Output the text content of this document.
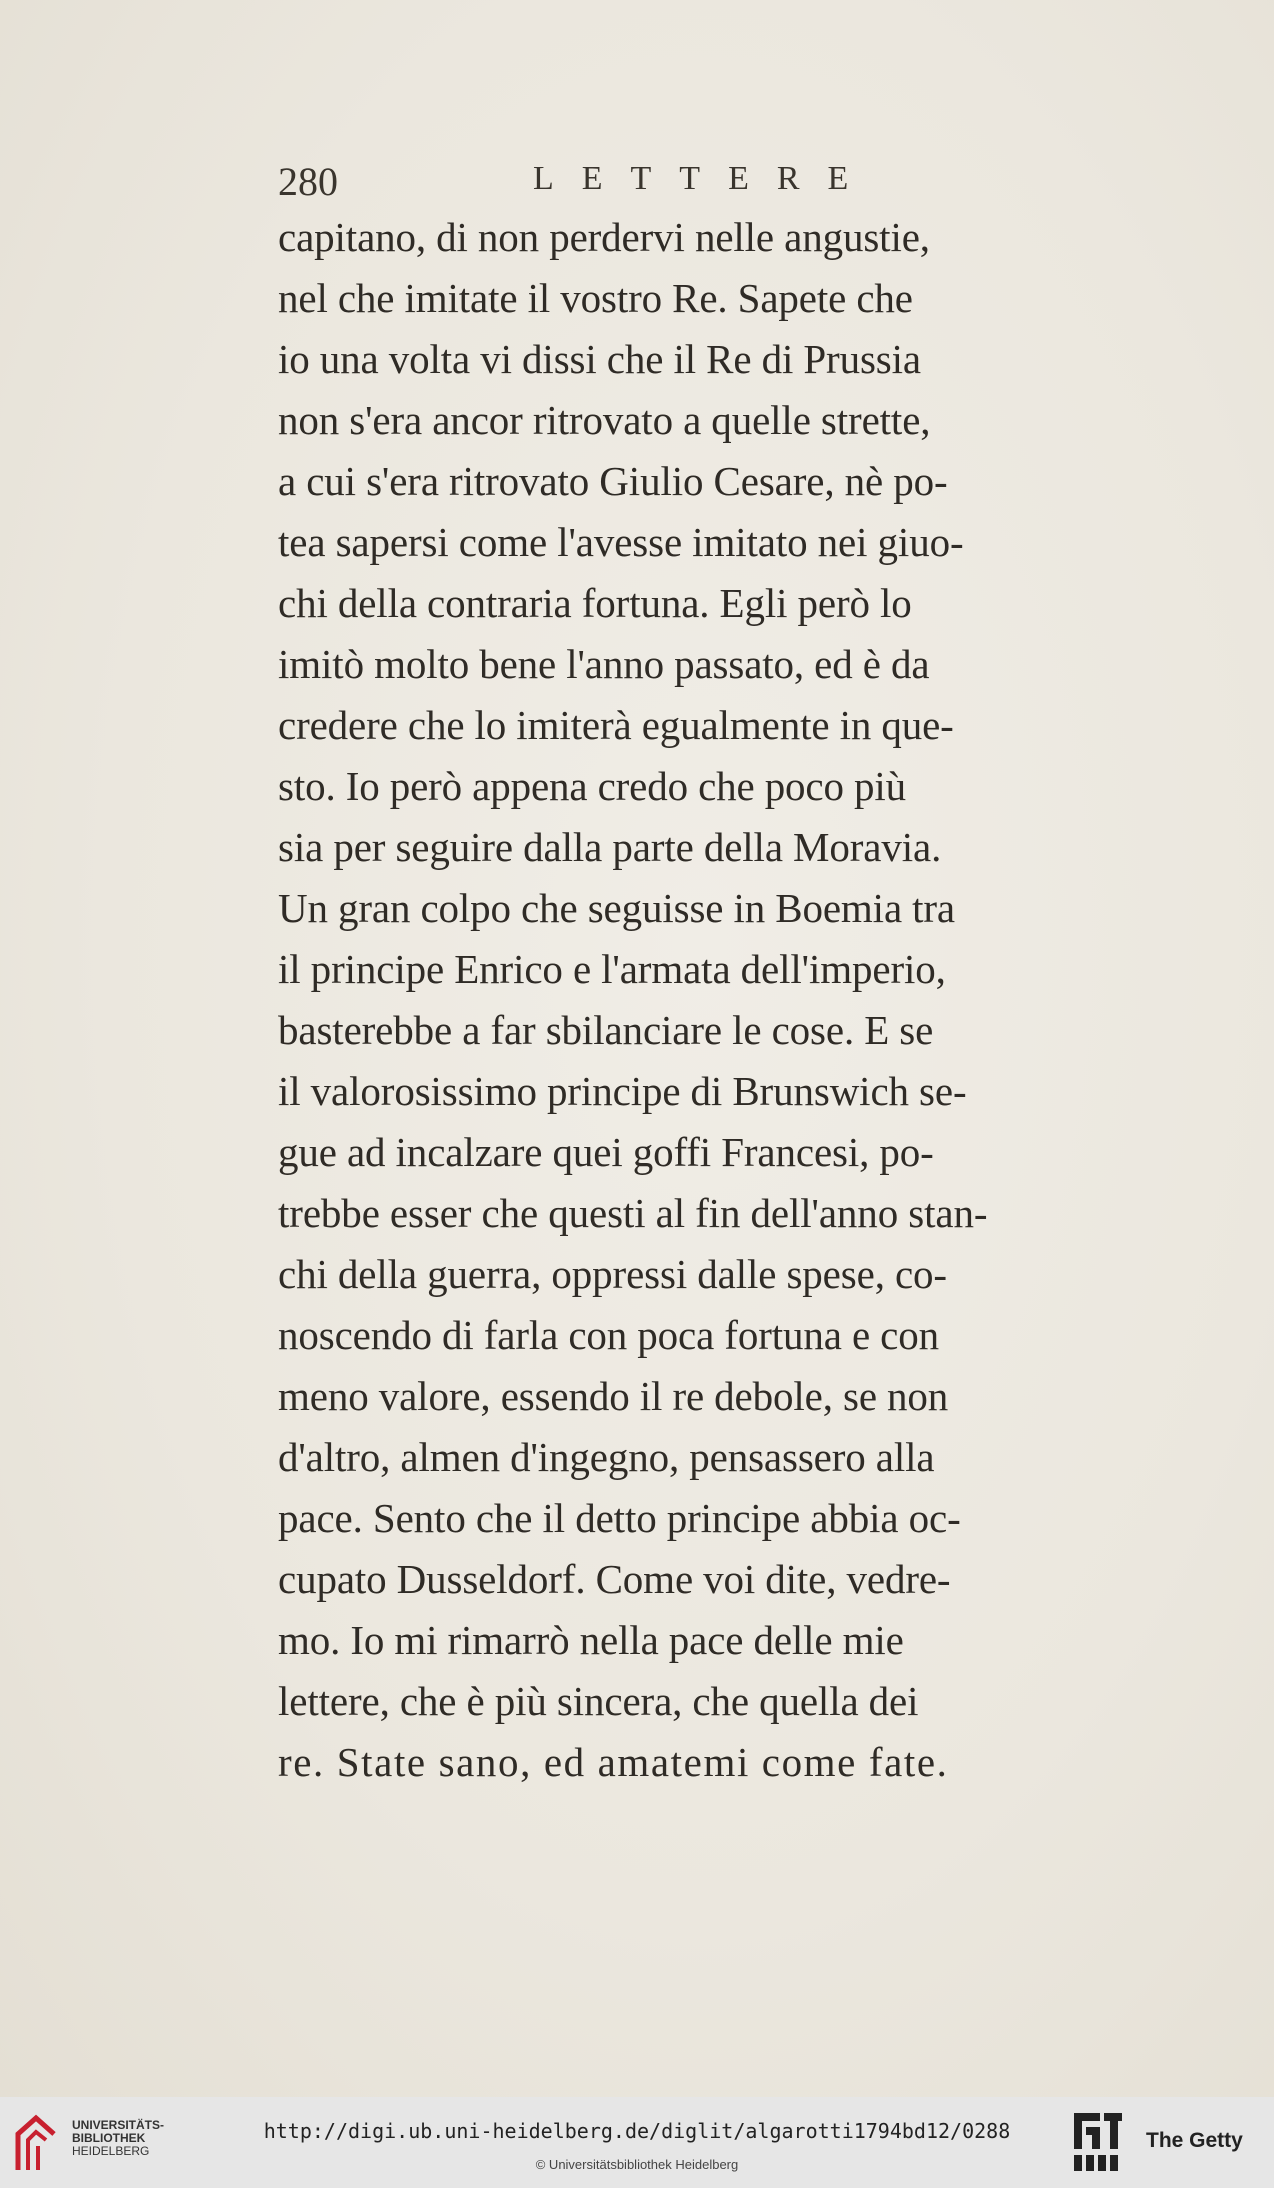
280	LETTERE
capitano, di non perdervi nelle angustie,
nel che imitate il vostro Re. Sapete che
io una volta vi dissi che il Re di Prussia
non s'era ancor ritrovato a quelle strette,
a cui s'era ritrovato Giulio Cesare, nè po-
tea sapersi come l'avesse imitato nei giuo-
chi della contraria fortuna. Egli però lo
imitò molto bene l'anno passato, ed è da
credere che lo imiterà egualmente in que-
sto. Io però appena credo che poco più
sia per seguire dalla parte della Moravia.
Un gran colpo che seguisse in Boemia tra
il principe Enrico e l'armata dell'imperio,
basterebbe a far sbilanciare le cose. E se
il valorosissimo principe di Brunswich se-
gue ad incalzare quei goffi Francesi, po-
trebbe esser che questi al fin dell'anno stan-
chi della guerra, oppressi dalle spese, co-
noscendo di farla con poca fortuna e con
meno valore, essendo il re debole, se non
d'altro, almen d'ingegno, pensassero alla
pace. Sento che il detto principe abbia oc-
cupato Dusseldorf. Come voi dite, vedre-
mo. Io mi rimarrò nella pace delle mie
lettere, che è più sincera, che quella dei
re. State sano, ed amatemi come fate.
UNIVERSITÄTS-
BIBLIOTHEK
HEIDELBERG
http://digi.ub.uni-heidelberg.de/diglit/algarotti1794bd12/0288
© Universitätsbibliothek Heidelberg
The Getty
